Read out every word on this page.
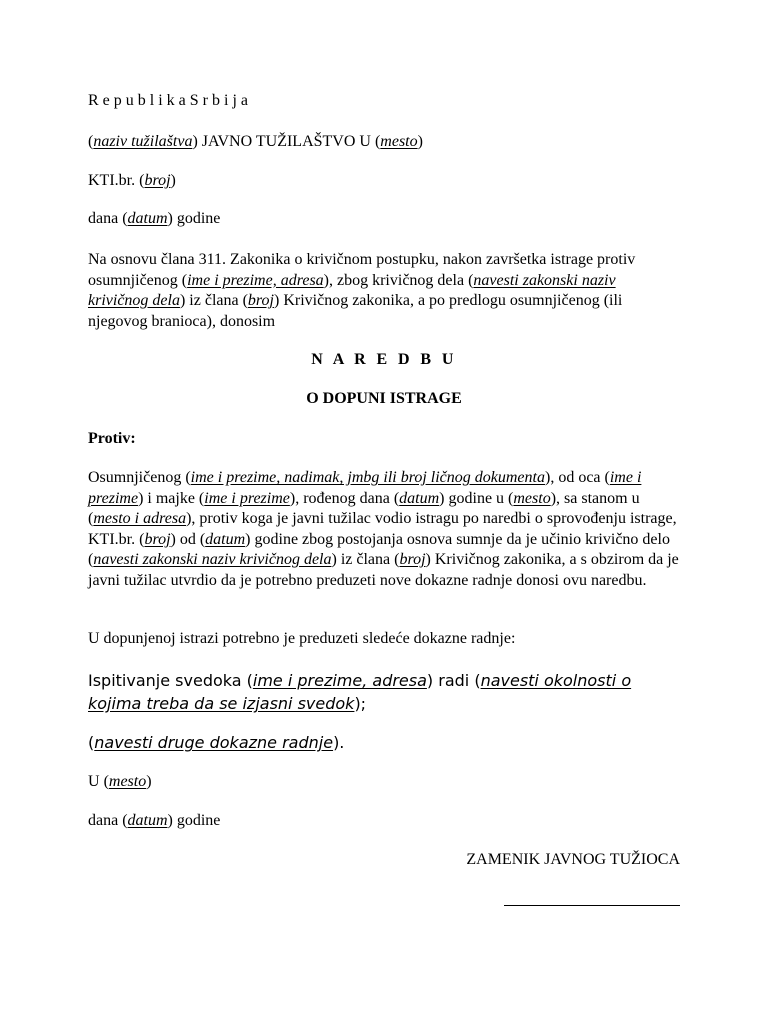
R e p u b l i k a S r b i j a

(naziv tužilaštva) JAVNO TUŽILAŠTVO U (mesto)

KTI.br. (broj)

dana (datum) godine

Na osnovu člana 311. Zakonika o krivičnom postupku, nakon završetka istrage protiv osumnjičenog (ime i prezime, adresa), zbog krivičnog dela (navesti zakonski naziv krivičnog dela) iz člana (broj) Krivičnog zakonika, a po predlogu osumnjičenog (ili njegovog branioca), donosim

N A R E D B U

O DOPUNI ISTRAGE

Protiv:

Osumnjičenog (ime i prezime, nadimak, jmbg ili broj ličnog dokumenta), od oca (ime i prezime) i majke (ime i prezime), rođenog dana (datum) godine u (mesto), sa stanom u (mesto i adresa), protiv koga je javni tužilac vodio istragu po naredbi o sprovođenju istrage, KTI.br. (broj) od (datum) godine zbog postojanja osnova sumnje da je učinio krivično delo (navesti zakonski naziv krivičnog dela) iz člana (broj) Krivičnog zakonika, a s obzirom da je javni tužilac utvrdio da je potrebno preduzeti nove dokazne radnje donosi ovu naredbu.

U dopunjenoj istrazi potrebno je preduzeti sledeće dokazne radnje:

Ispitivanje svedoka (ime i prezime, adresa) radi (navesti okolnosti o kojima treba da se izjasni svedok);

(navesti druge dokazne radnje).

U (mesto)

dana (datum) godine

ZAMENIK JAVNOG TUŽIOCA
